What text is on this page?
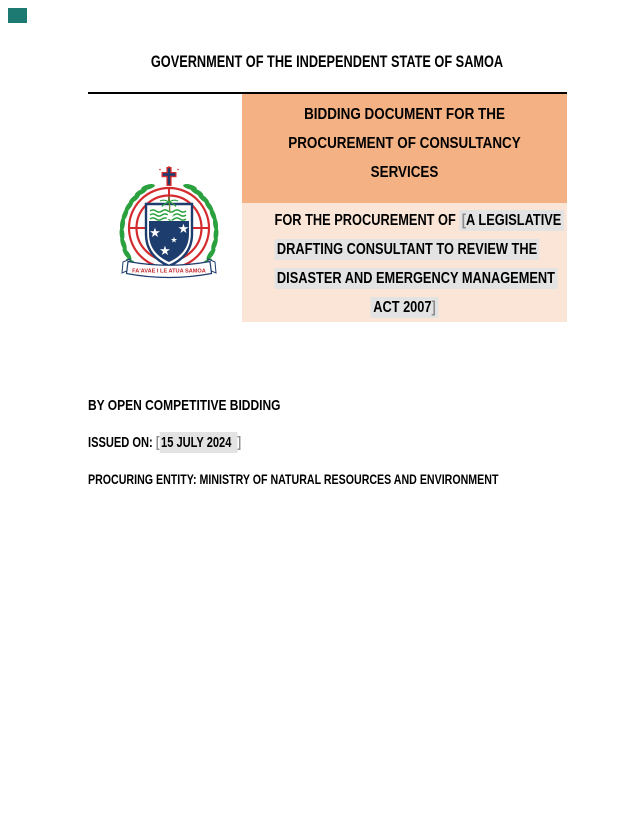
GOVERNMENT OF THE INDEPENDENT STATE OF SAMOA
★
★ ★
★
★
FA'AVAE I LE ATUA SAMOA
BIDDING DOCUMENT FOR THE
PROCUREMENT OF CONSULTANCY
SERVICES
FOR THE PROCUREMENT OF [A LEGISLATIVE
DRAFTING CONSULTANT TO REVIEW THE
DISASTER AND EMERGENCY MANAGEMENT
ACT 2007]
BY OPEN COMPETITIVE BIDDING
ISSUED ON: [15 JULY 2024 ]
PROCURING ENTITY: MINISTRY OF NATURAL RESOURCES AND ENVIRONMENT
